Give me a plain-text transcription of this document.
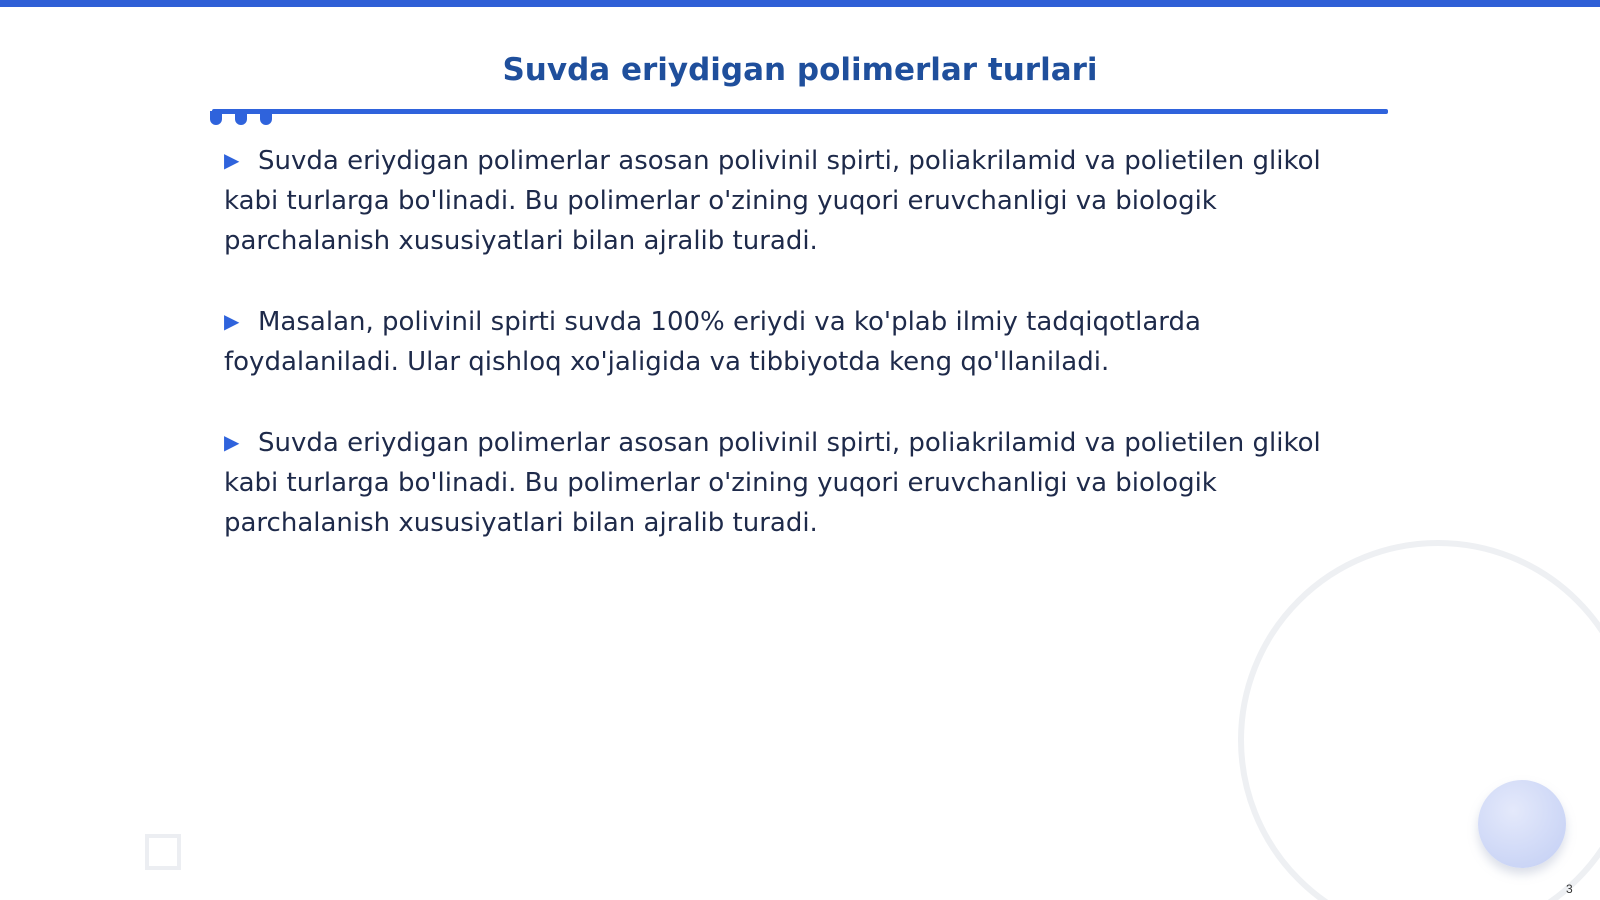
Suvda eriydigan polimerlar turlari

▶ Suvda eriydigan polimerlar asosan polivinil spirti, poliakrilamid va polietilen glikol kabi turlarga bo'linadi. Bu polimerlar o'zining yuqori eruvchanligi va biologik parchalanish xususiyatlari bilan ajralib turadi.

▶ Masalan, polivinil spirti suvda 100% eriydi va ko'plab ilmiy tadqiqotlarda foydalaniladi. Ular qishloq xo'jaligida va tibbiyotda keng qo'llaniladi.

▶ Suvda eriydigan polimerlar asosan polivinil spirti, poliakrilamid va polietilen glikol kabi turlarga bo'linadi. Bu polimerlar o'zining yuqori eruvchanligi va biologik parchalanish xususiyatlari bilan ajralib turadi.

3
